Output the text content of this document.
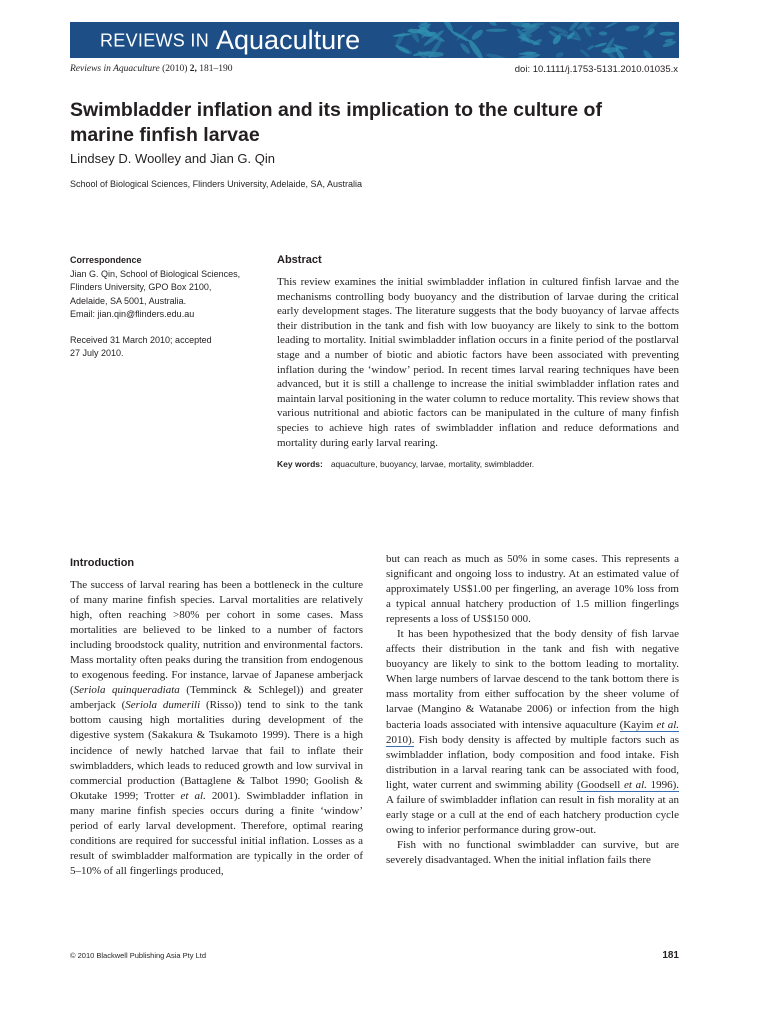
REVIEWS IN Aquaculture
Reviews in Aquaculture (2010) 2, 181–190	doi: 10.1111/j.1753-5131.2010.01035.x
Swimbladder inflation and its implication to the culture of marine finfish larvae
Lindsey D. Woolley and Jian G. Qin
School of Biological Sciences, Flinders University, Adelaide, SA, Australia
Correspondence
Jian G. Qin, School of Biological Sciences,
Flinders University, GPO Box 2100,
Adelaide, SA 5001, Australia.
Email: jian.qin@flinders.edu.au
Received 31 March 2010; accepted
27 July 2010.
Abstract

This review examines the initial swimbladder inflation in cultured finfish larvae and the mechanisms controlling body buoyancy and the distribution of larvae during the critical early development stages. The literature suggests that the body buoyancy of larvae affects their distribution in the tank and fish with low buoyancy are likely to sink to the bottom leading to mortality. Initial swimbladder inflation occurs in a finite period of the postlarval stage and a number of biotic and abiotic factors have been associated with preventing inflation during the ‘window’ period. In recent times larval rearing techniques have been advanced, but it is still a challenge to increase the initial swimbladder inflation rates and maintain larval positioning in the water column to reduce mortality. This review shows that various nutritional and abiotic factors can be manipulated in the culture of many finfish species to achieve high rates of swimbladder inflation and reduce deformations and mortality during early larval rearing.

Key words: aquaculture, buoyancy, larvae, mortality, swimbladder.
Introduction

The success of larval rearing has been a bottleneck in the culture of many marine finfish species. Larval mortalities are relatively high, often reaching >80% per cohort in some cases. Mass mortalities are believed to be linked to a number of factors including broodstock quality, nutrition and environmental factors. Mass mortality often peaks during the transition from endogenous to exogenous feeding. For instance, larvae of Japanese amberjack (Seriola quinqueradiata (Temminck & Schlegel)) and greater amberjack (Seriola dumerili (Risso)) tend to sink to the tank bottom causing high mortalities during development of the digestive system (Sakakura & Tsukamoto 1999). There is a high incidence of newly hatched larvae that fail to inflate their swimbladders, which leads to reduced growth and low survival in commercial production (Battaglene & Talbot 1990; Goolish & Okutake 1999; Trotter et al. 2001). Swimbladder inflation in many marine finfish species occurs during a finite ‘window’ period of early larval development. Therefore, optimal rearing conditions are required for successful initial inflation. Losses as a result of swimbladder malformation are typically in the order of 5–10% of all fingerlings produced,

but can reach as much as 50% in some cases. This represents a significant and ongoing loss to industry. At an estimated value of approximately US$1.00 per fingerling, an average 10% loss from a typical annual hatchery production of 1.5 million fingerlings represents a loss of US$150 000.

It has been hypothesized that the body density of fish larvae affects their distribution in the tank and fish with negative buoyancy are likely to sink to the bottom leading to mortality. When large numbers of larvae descend to the tank bottom there is mass mortality from either suffocation by the sheer volume of larvae (Mangino & Watanabe 2006) or infection from the high bacteria loads associated with intensive aquaculture (Kayim et al. 2010). Fish body density is affected by multiple factors such as swimbladder inflation, body composition and food intake. Fish distribution in a larval rearing tank can be associated with food, light, water current and swimming ability (Goodsell et al. 1996). A failure of swimbladder inflation can result in fish morality at an early stage or a cull at the end of each hatchery production cycle owing to inferior performance during grow-out.

Fish with no functional swimbladder can survive, but are severely disadvantaged. When the initial inflation fails there

© 2010 Blackwell Publishing Asia Pty Ltd	181
